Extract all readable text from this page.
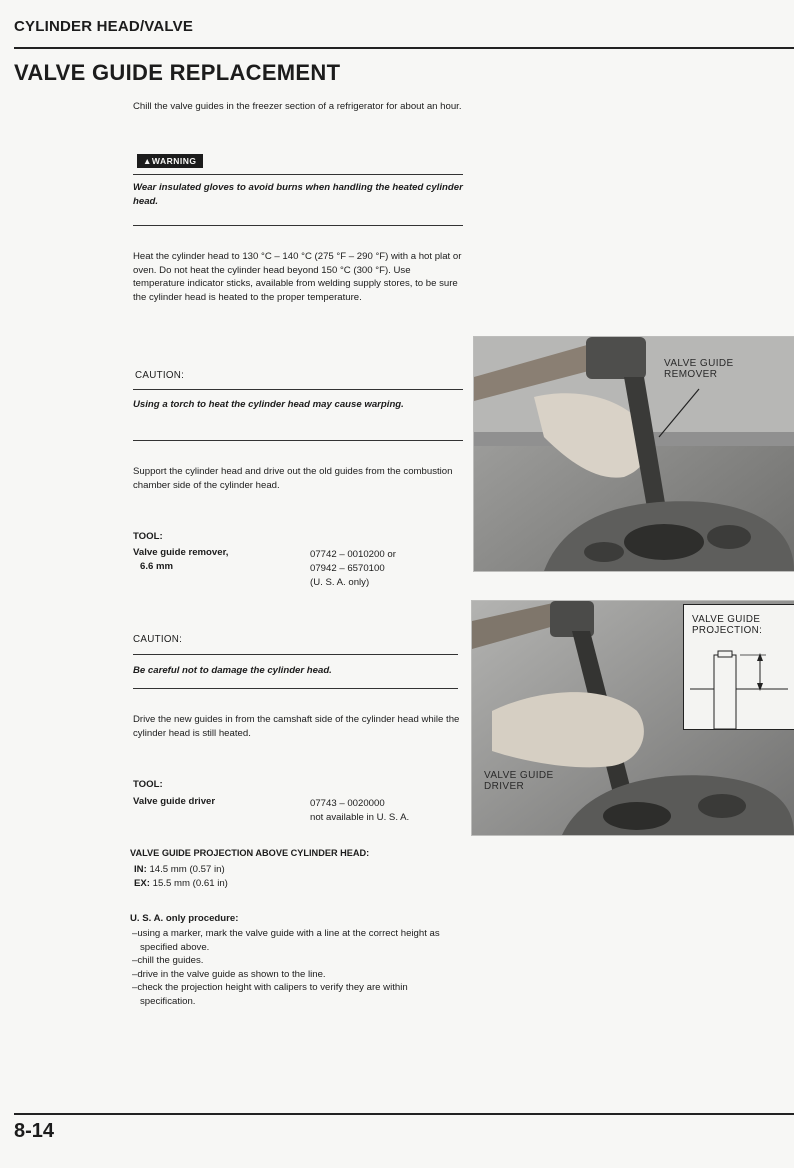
CYLINDER HEAD/VALVE
VALVE GUIDE REPLACEMENT

Chill the valve guides in the freezer section of a refrigerator for about an hour.

▲WARNING
Wear insulated gloves to avoid burns when handling the heated cylinder head.
Heat the cylinder head to 130 °C – 140 °C (275 °F – 290 °F) with a hot plat or oven. Do not heat the cylinder head beyond 150 °C (300 °F). Use temperature indicator sticks, available from welding supply stores, to be sure the cylinder head is heated to the proper temperature.
CAUTION:
Using a torch to heat the cylinder head may cause warping.
Support the cylinder head and drive out the old guides from the combustion chamber side of the cylinder head.
TOOL:
Valve guide remover,
6.6 mm
07742 – 0010200 or
07942 – 6570100
(U. S. A. only)
CAUTION:
Be careful not to damage the cylinder head.
Drive the new guides in from the camshaft side of the cylinder head while the cylinder head is still heated.
TOOL:
Valve guide driver	07743 – 0020000
not available in U. S. A.
VALVE GUIDE PROJECTION ABOVE CYLINDER HEAD:
IN: 14.5 mm (0.57 in)
EX: 15.5 mm (0.61 in)
U. S. A. only procedure:
–using a marker, mark the valve guide with a line at the correct height as specified above.
–chill the guides.
–drive in the valve guide as shown to the line.
–check the projection height with calipers to verify they are within specification.
VALVE GUIDE
REMOVER
VALVE GUIDE
DRIVER
VALVE GUIDE
PROJECTION:
8-14
